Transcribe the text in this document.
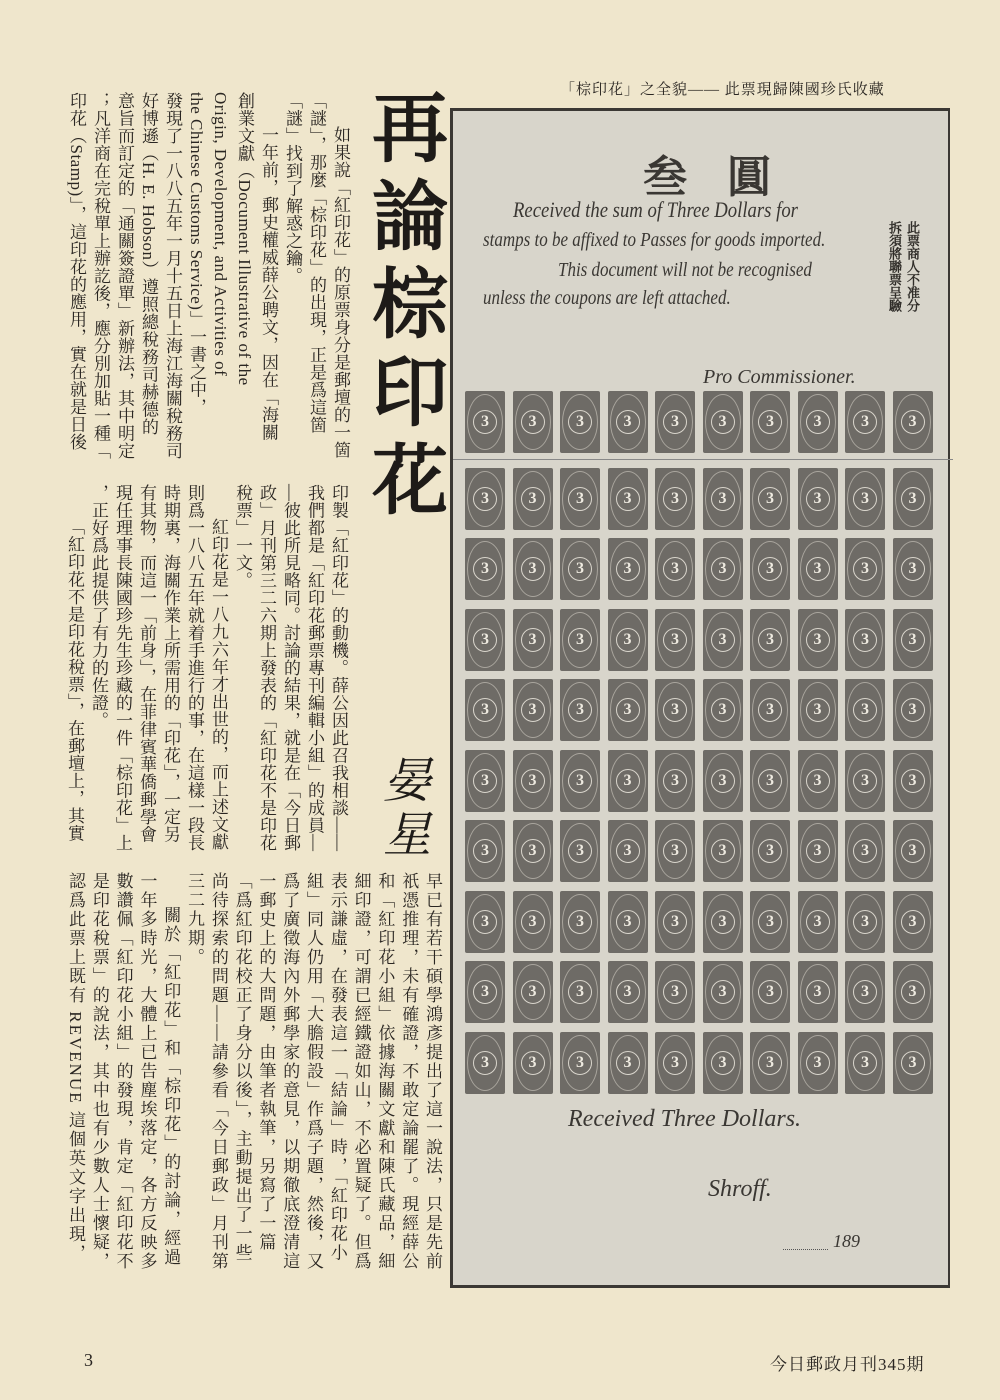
再論棕印花
晏星
如果說「紅印花」的原票身分是郵壇的一箇
「謎」，那麼「棕印花」的出現，正是爲這箇
「謎」找到了解惑之鑰。
一年前，郵史權威薛公聘文，因在「海關
創業文獻（Document Illustrative of the
Origin, Development, and Activities of
the Chinese Customs Service)」一書之中，
發現了一八八五年一月十五日上海江海關稅務司
好博遜（H. E. Hobson）遵照總稅務司赫德的
意旨而訂定的「通關簽證單」新辦法，其中明定
；凡洋商在完稅單上辦訖後，應分別加貼一種「
印花（Stamp)」，這印花的應用，實在就是日後
印製「紅印花」的動機。薛公因此召我相談——
我們都是「紅印花郵票專刊編輯小組」的成員—
—彼此所見略同。討論的結果，就是在「今日郵
政」月刊第三二六期上發表的「紅印花不是印花
稅票」一文。
紅印花是一八九六年才出世的，而上述文獻
則爲一八八五年就着手進行的事，在這樣一段長
時期裏，海關作業上所需用的「印花」，一定另
有其物，而這一「前身」，在菲律賓華僑郵學會
現任理事長陳國珍先生珍藏的一件「棕印花」上
，正好爲此提供了有力的佐證。
「紅印花不是印花稅票」，在郵壇上，其實
早已有若干碩學鴻彥提出了這一說法，只是先前
祇憑推理，未有確證，不敢定論罷了。現經薛公
和「紅印花小組」依據海關文獻和陳氏藏品，細
細印證，可謂已經鐵證如山，不必置疑了。但爲
表示謙虛，在發表這一「結論」時，「紅印花小
組」同人仍用「大膽假設」作爲子題，然後，又
爲了廣徵海內外郵學家的意見，以期徹底澄清這
一郵史上的大問題，由筆者執筆，另寫了一篇
「爲紅印花校正了身分以後」，主動提出了一些
尚待探索的問題——請參看「今日郵政」月刊第
三二九期。
關於「紅印花」和「棕印花」的討論，經過
一年多時光，大體上已告塵埃落定，各方反映多
數讚佩「紅印花小組」的發現，肯定「紅印花不
是印花稅票」的說法，其中也有少數人士懷疑，
認爲此票上既有 REVENUE 這個英文字出現，
「棕印花」之全貌—— 此票現歸陳國珍氏收藏
叁圓
Received the sum of Three Dollars for
stamps to be affixed to Passes for goods imported.
This document will not be recognised
unless the coupons are left attached.	此票商人不准分
拆須將聯票呈驗
Pro Commissioner.
3	3	3	3	3	3	3	3	3	3
3	3	3	3	3	3	3	3	3	3
3	3	3	3	3	3	3	3	3	3
3	3	3	3	3	3	3	3	3	3
3	3	3	3	3	3	3	3	3	3
3	3	3	3	3	3	3	3	3	3
3	3	3	3	3	3	3	3	3	3
3	3	3	3	3	3	3	3	3	3
3	3	3	3	3	3	3	3	3	3
3	3	3	3	3	3	3	3	3	3
Received Three Dollars.
Shroff.
189
3	今日郵政月刊345期
